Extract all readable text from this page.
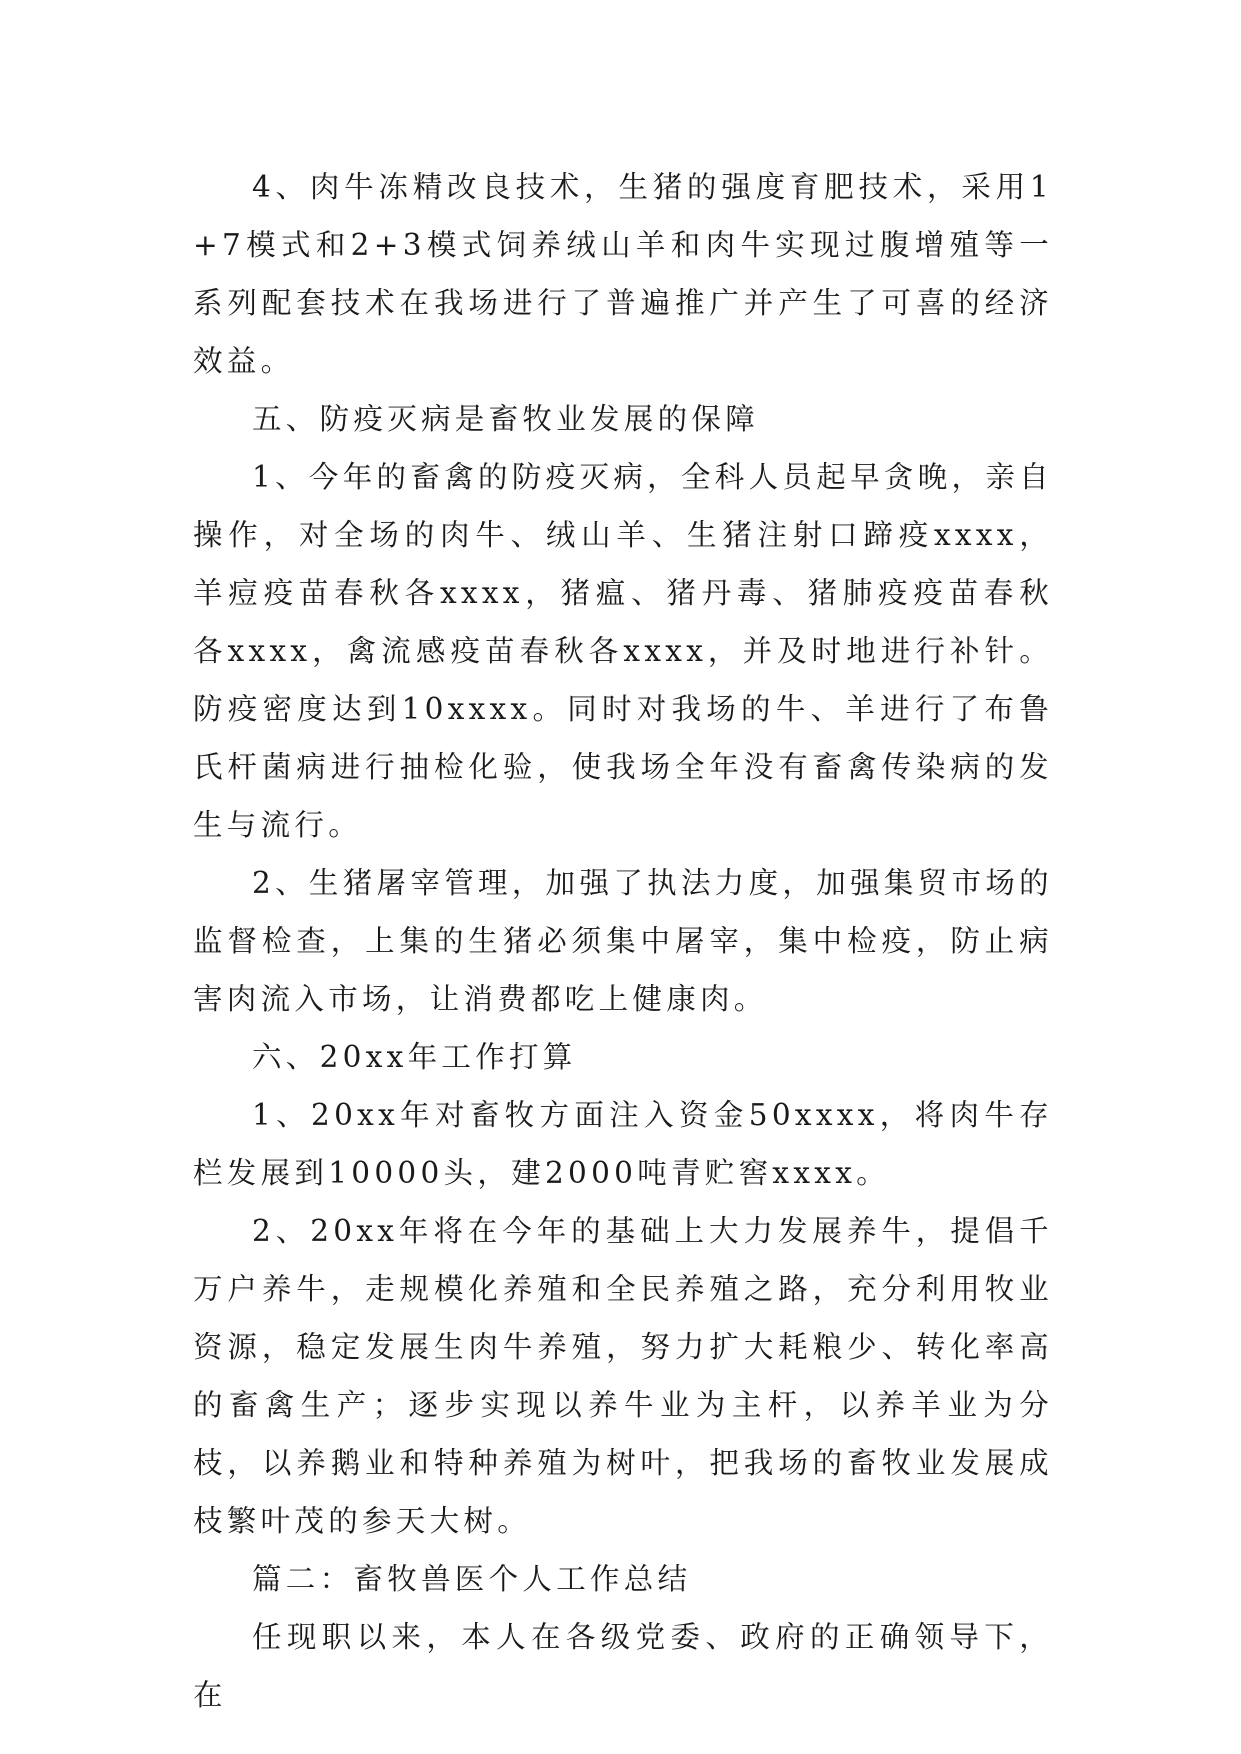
4、肉牛冻精改良技术，生猪的强度育肥技术，采用1+7模式和2+3模式饲养绒山羊和肉牛实现过腹增殖等一系列配套技术在我场进行了普遍推广并产生了可喜的经济效益。

五、防疫灭病是畜牧业发展的保障

1、今年的畜禽的防疫灭病，全科人员起早贪晚，亲自操作，对全场的肉牛、绒山羊、生猪注射口蹄疫xxxx，羊痘疫苗春秋各xxxx，猪瘟、猪丹毒、猪肺疫疫苗春秋各xxxx，禽流感疫苗春秋各xxxx，并及时地进行补针。防疫密度达到10xxxx。同时对我场的牛、羊进行了布鲁氏杆菌病进行抽检化验，使我场全年没有畜禽传染病的发生与流行。

2、生猪屠宰管理，加强了执法力度，加强集贸市场的监督检查，上集的生猪必须集中屠宰，集中检疫，防止病害肉流入市场，让消费都吃上健康肉。

六、20xx年工作打算

1、20xx年对畜牧方面注入资金50xxxx，将肉牛存栏发展到10000头，建2000吨青贮窖xxxx。

2、20xx年将在今年的基础上大力发展养牛，提倡千万户养牛，走规模化养殖和全民养殖之路，充分利用牧业资源，稳定发展生肉牛养殖，努力扩大耗粮少、转化率高的畜禽生产；逐步实现以养牛业为主杆，以养羊业为分枝，以养鹅业和特种养殖为树叶，把我场的畜牧业发展成枝繁叶茂的参天大树。

篇二：畜牧兽医个人工作总结

任现职以来，本人在各级党委、政府的正确领导下，在
